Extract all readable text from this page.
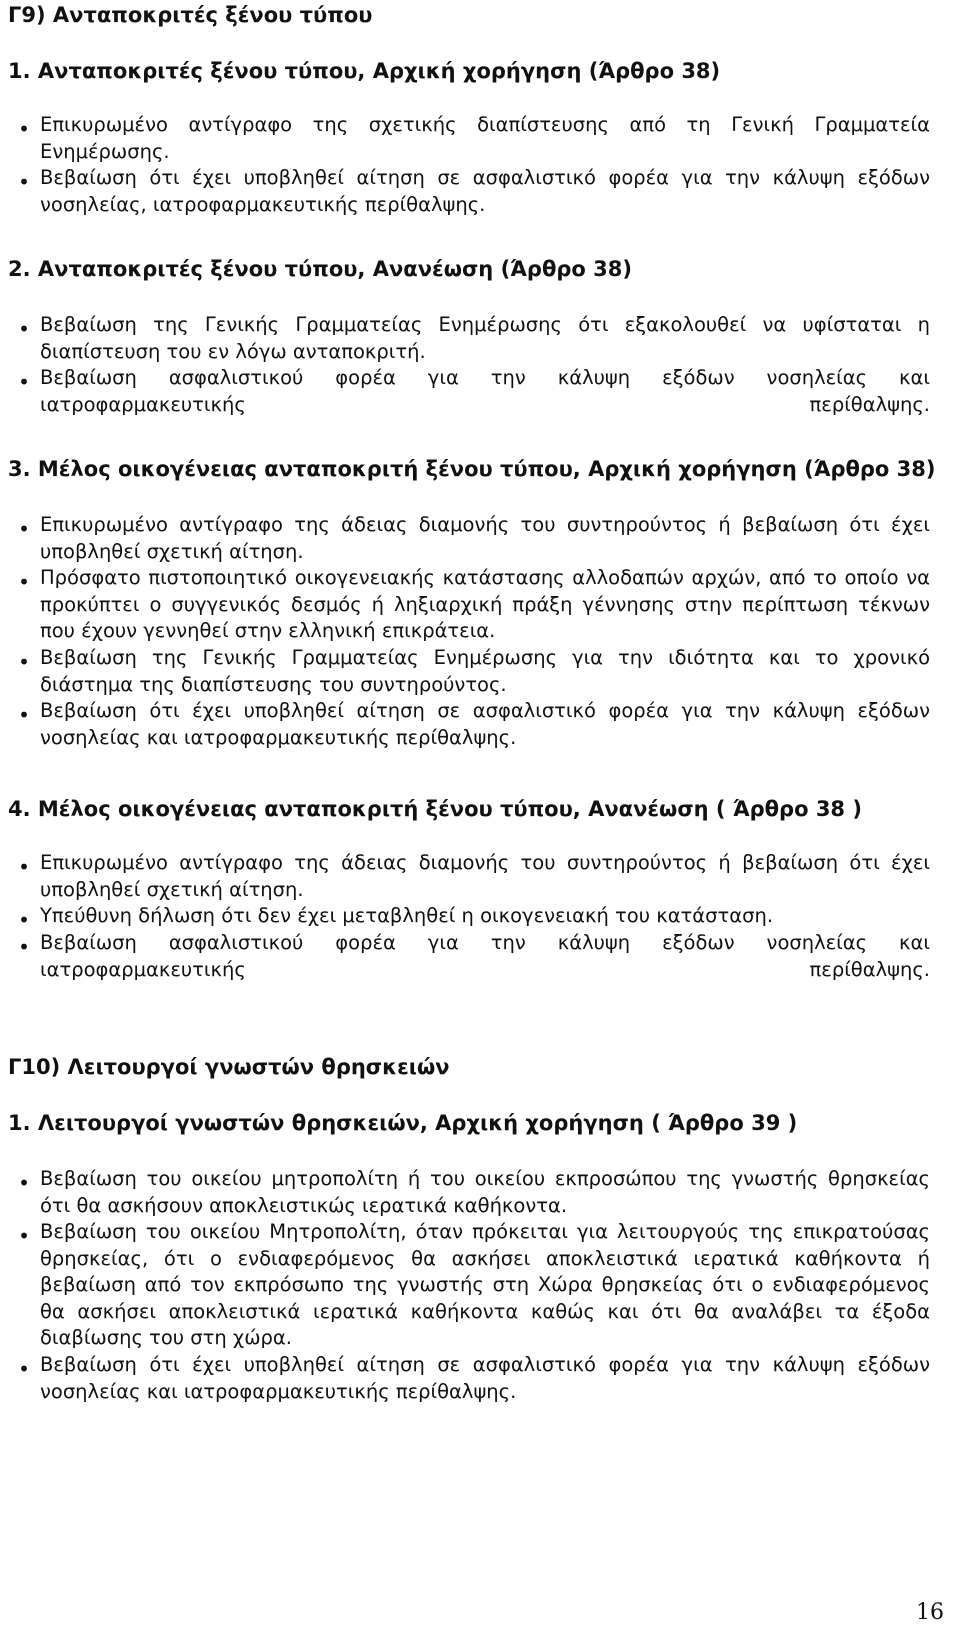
Γ9) Ανταποκριτές ξένου τύπου
1. Ανταποκριτές ξένου τύπου, Αρχική χορήγηση (Άρθρο 38)
• Επικυρωμένο αντίγραφο της σχετικής διαπίστευσης από τη Γενική Γραμματεία Ενημέρωσης.
• Βεβαίωση ότι έχει υποβληθεί αίτηση σε ασφαλιστικό φορέα για την κάλυψη εξόδων νοσηλείας, ιατροφαρμακευτικής περίθαλψης.
2. Ανταποκριτές ξένου τύπου, Ανανέωση (Άρθρο 38)
• Βεβαίωση της Γενικής Γραμματείας Ενημέρωσης ότι εξακολουθεί να υφίσταται η διαπίστευση του εν λόγω ανταποκριτή.
• Βεβαίωση ασφαλιστικού φορέα για την κάλυψη εξόδων νοσηλείας και ιατροφαρμακευτικής περίθαλψης.
3. Μέλος οικογένειας ανταποκριτή ξένου τύπου, Αρχική χορήγηση (Άρθρο 38)
• Επικυρωμένο αντίγραφο της άδειας διαμονής του συντηρούντος ή βεβαίωση ότι έχει υποβληθεί σχετική αίτηση.
• Πρόσφατο πιστοποιητικό οικογενειακής κατάστασης αλλοδαπών αρχών, από το οποίο να προκύπτει ο συγγενικός δεσμός ή ληξιαρχική πράξη γέννησης στην περίπτωση τέκνων που έχουν γεννηθεί στην ελληνική επικράτεια.
• Βεβαίωση της Γενικής Γραμματείας Ενημέρωσης για την ιδιότητα και το χρονικό διάστημα της διαπίστευσης του συντηρούντος.
• Βεβαίωση ότι έχει υποβληθεί αίτηση σε ασφαλιστικό φορέα για την κάλυψη εξόδων νοσηλείας και ιατροφαρμακευτικής περίθαλψης.
4. Μέλος οικογένειας ανταποκριτή ξένου τύπου, Ανανέωση ( Άρθρο 38 )
• Επικυρωμένο αντίγραφο της άδειας διαμονής του συντηρούντος ή βεβαίωση ότι έχει υποβληθεί σχετική αίτηση.
• Υπεύθυνη δήλωση ότι δεν έχει μεταβληθεί η οικογενειακή του κατάσταση.
• Βεβαίωση ασφαλιστικού φορέα για την κάλυψη εξόδων νοσηλείας και ιατροφαρμακευτικής περίθαλψης.
Γ10) Λειτουργοί γνωστών θρησκειών
1. Λειτουργοί γνωστών θρησκειών, Αρχική χορήγηση ( Άρθρο 39 )
• Βεβαίωση του οικείου μητροπολίτη ή του οικείου εκπροσώπου της γνωστής θρησκείας ότι θα ασκήσουν αποκλειστικώς ιερατικά καθήκοντα.
• Βεβαίωση του οικείου Μητροπολίτη, όταν πρόκειται για λειτουργούς της επικρατούσας θρησκείας, ότι ο ενδιαφερόμενος θα ασκήσει αποκλειστικά ιερατικά καθήκοντα ή βεβαίωση από τον εκπρόσωπο της γνωστής στη Χώρα θρησκείας ότι ο ενδιαφερόμενος θα ασκήσει αποκλειστικά ιερατικά καθήκοντα καθώς και ότι θα αναλάβει τα έξοδα διαβίωσης του στη χώρα.
• Βεβαίωση ότι έχει υποβληθεί αίτηση σε ασφαλιστικό φορέα για την κάλυψη εξόδων νοσηλείας και ιατροφαρμακευτικής περίθαλψης.
16
